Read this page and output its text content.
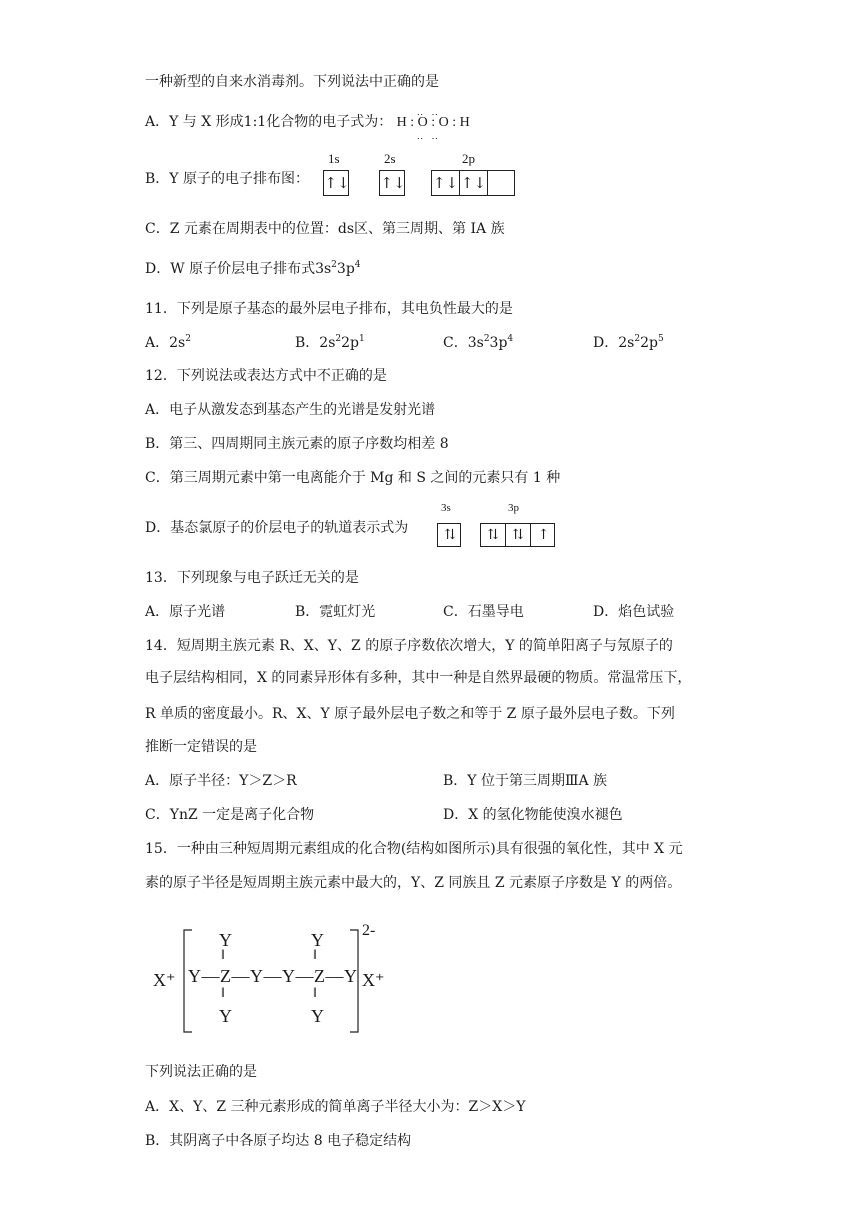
一种新型的自来水消毒剂。下列说法中正确的是
A．Y 与 X 形成1:1化合物的电子式为： H : O : O : H
‥  ‥
‥  ‥
B．Y 原子的电子排布图：
1s	2s	2p
↑↓ ↑↓ ↑↓ ↑↓
C．Z 元素在周期表中的位置：ds区、第三周期、第 IA 族
D．W 原子价层电子排布式$3s^23p^4$
11．下列是原子基态的最外层电子排布，其电负性最大的是
A．$2s^2$	B．$2s^22p^1$	C．$3s^23p^4$	D．$2s^22p^5$
12．下列说法或表达方式中不正确的是
A．电子从激发态到基态产生的光谱是发射光谱
B．第三、四周期同主族元素的原子序数均相差 8
C．第三周期元素中第一电离能介于 Mg 和 S 之间的元素只有 1 种
D．基态氯原子的价层电子的轨道表示式为
3s	3p
⇅	⇅ ⇅ ↑
13．下列现象与电子跃迁无关的是
A．原子光谱	B．霓虹灯光	C．石墨导电	D．焰色试验
14．短周期主族元素 R、X、Y、Z 的原子序数依次增大，Y 的简单阳离子与氖原子的
电子层结构相同，X 的同素异形体有多种，其中一种是自然界最硬的物质。常温常压下，
R 单质的密度最小。R、X、Y 原子最外层电子数之和等于 Z 原子最外层电子数。下列
推断一定错误的是
A．原子半径：Y＞Z＞R	B．Y 位于第三周期ⅢA 族
C．YnZ 一定是离子化合物	D．X 的氢化物能使溴水褪色
15．一种由三种短周期元素组成的化合物(结构如图所示)具有很强的氧化性，其中 X 元
素的原子半径是短周期主族元素中最大的，Y、Z 同族且 Z 元素原子序数是 Y 的两倍。
X⁺	X⁺
2-
Y—Z—Y—Y—Z—Y
Y
‖
‖
Y
Y
‖
‖
Y
下列说法正确的是
A．X、Y、Z 三种元素形成的简单离子半径大小为：Z＞X＞Y
B．其阴离子中各原子均达 8 电子稳定结构
